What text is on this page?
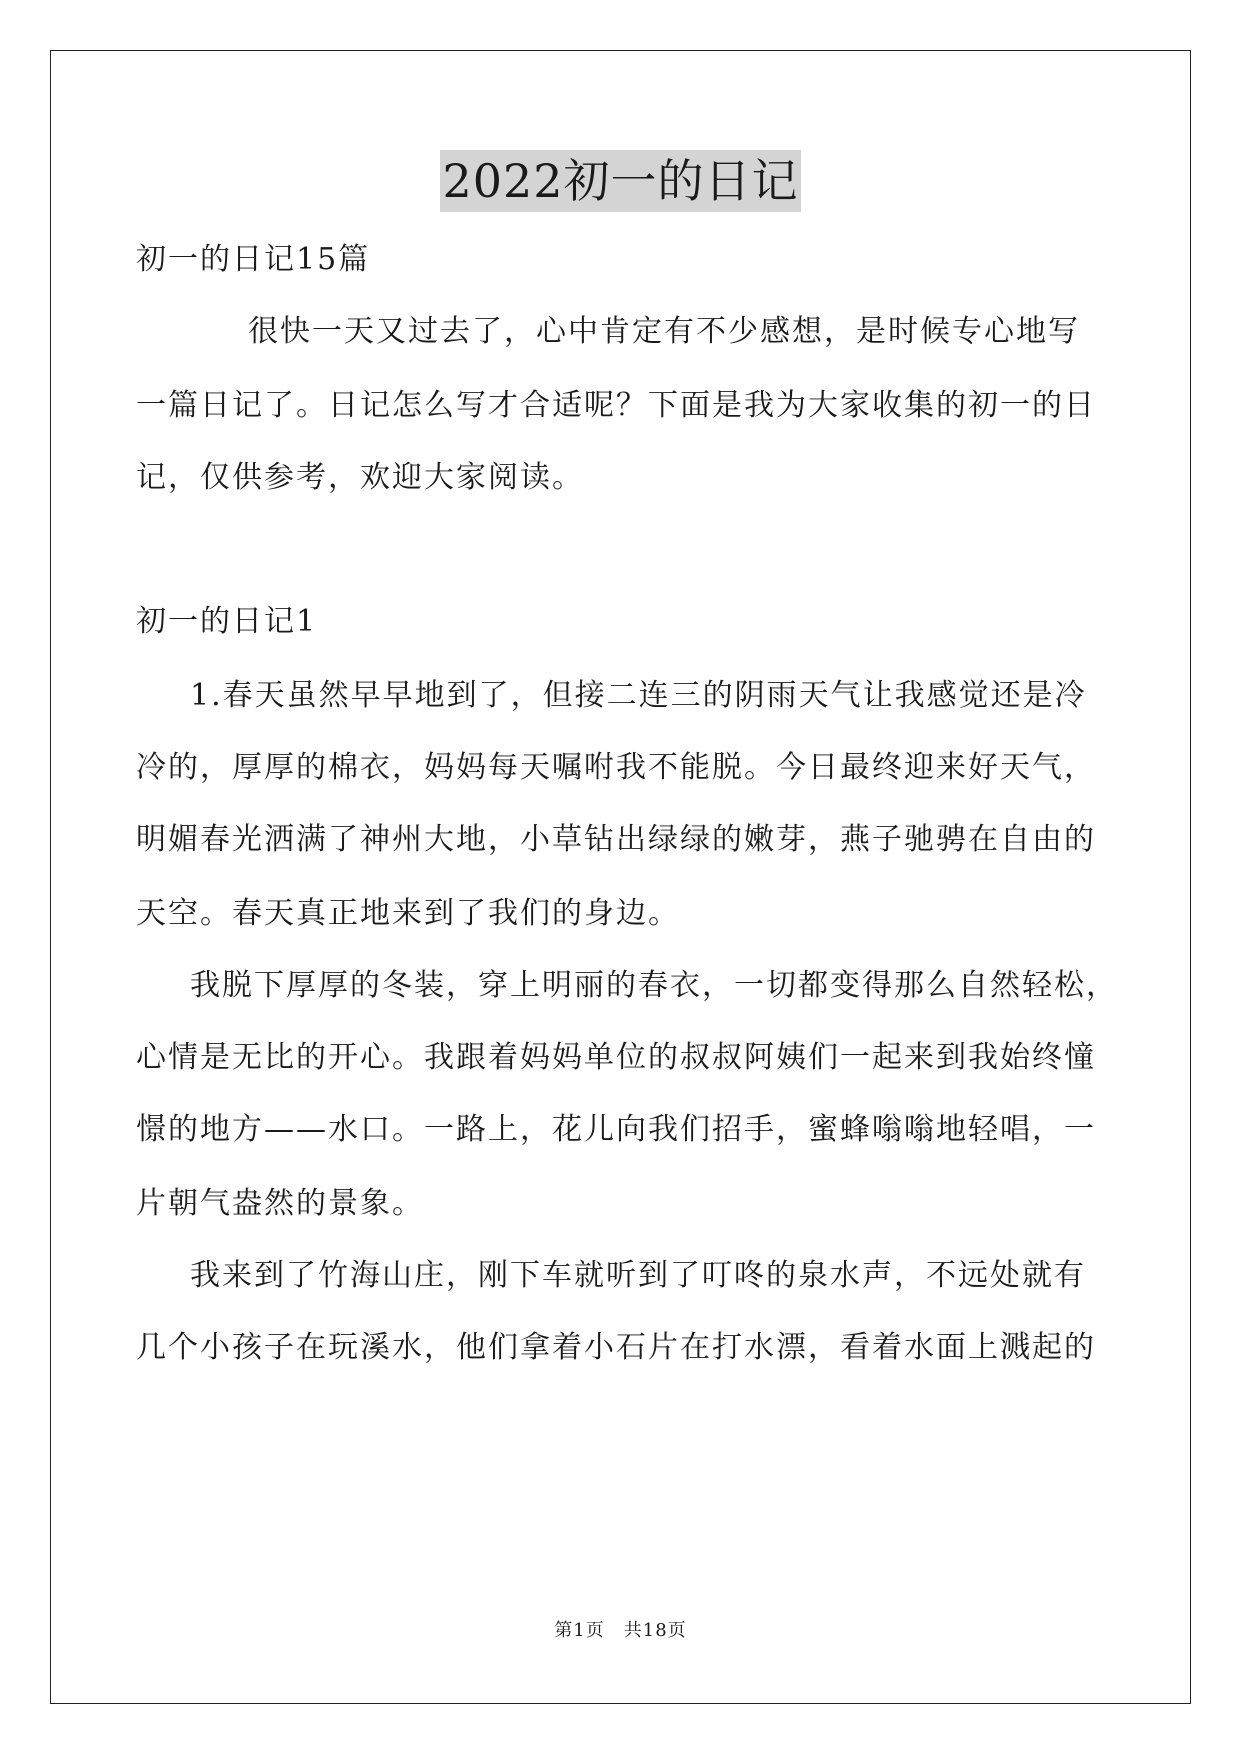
2022初一的日记
初一的日记15篇
很快一天又过去了，心中肯定有不少感想，是时候专心地写
一篇日记了。日记怎么写才合适呢？下面是我为大家收集的初一的日
记，仅供参考，欢迎大家阅读。
初一的日记1
1.春天虽然早早地到了，但接二连三的阴雨天气让我感觉还是冷
冷的，厚厚的棉衣，妈妈每天嘱咐我不能脱。今日最终迎来好天气，
明媚春光洒满了神州大地，小草钻出绿绿的嫩芽，燕子驰骋在自由的
天空。春天真正地来到了我们的身边。
我脱下厚厚的冬装，穿上明丽的春衣，一切都变得那么自然轻松，
心情是无比的开心。我跟着妈妈单位的叔叔阿姨们一起来到我始终憧
憬的地方——水口。一路上，花儿向我们招手，蜜蜂嗡嗡地轻唱，一
片朝气盎然的景象。
我来到了竹海山庄，刚下车就听到了叮咚的泉水声，不远处就有
几个小孩子在玩溪水，他们拿着小石片在打水漂，看着水面上溅起的
第1页　共18页
